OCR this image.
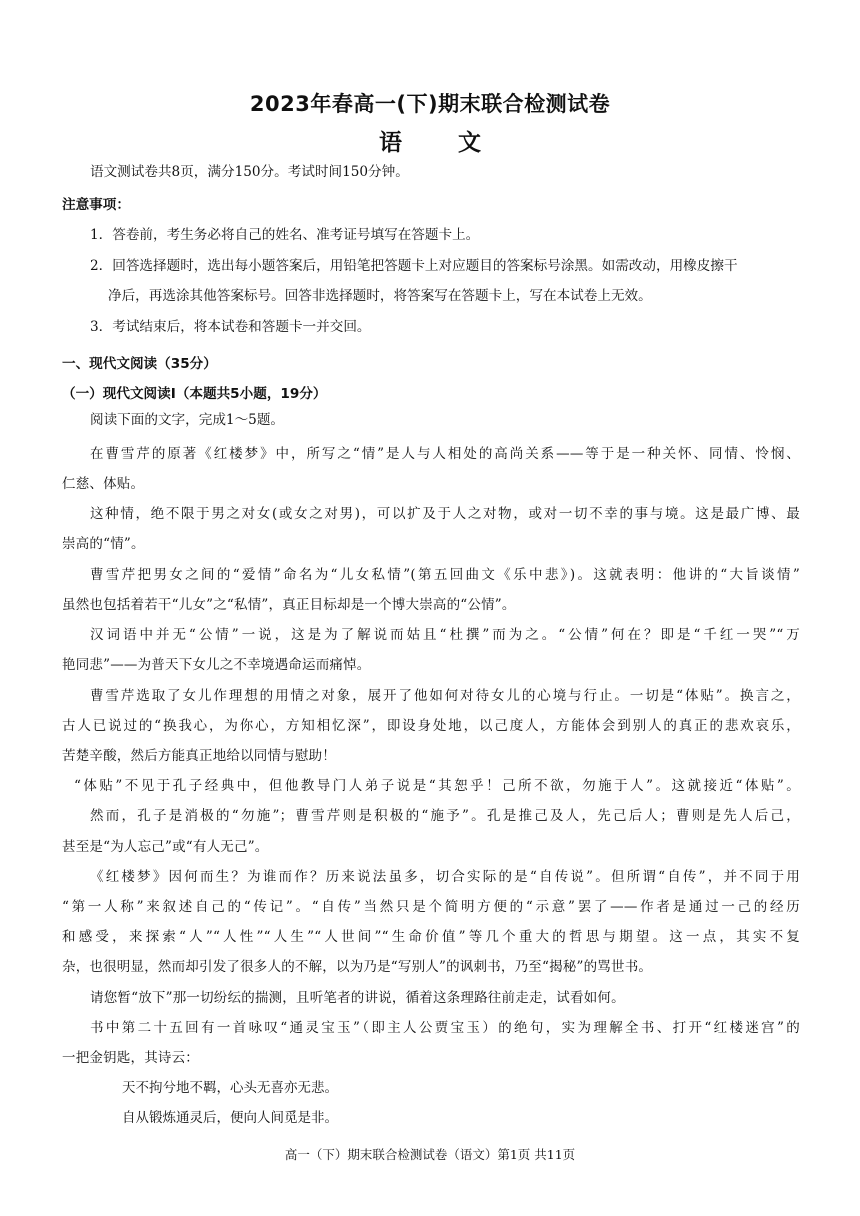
2023年春高一(下)期末联合检测试卷
语 文
语文测试卷共8页，满分150分。考试时间150分钟。
注意事项：
1．答卷前，考生务必将自己的姓名、准考证号填写在答题卡上。
2．回答选择题时，选出每小题答案后，用铅笔把答题卡上对应题目的答案标号涂黑。如需改动，用橡皮擦干
净后，再选涂其他答案标号。回答非选择题时，将答案写在答题卡上，写在本试卷上无效。
3．考试结束后，将本试卷和答题卡一并交回。
一、现代文阅读（35分）
（一）现代文阅读Ⅰ（本题共5小题，19分）
阅读下面的文字，完成1～5题。
在曹雪芹的原著《红楼梦》中，所写之“情”是人与人相处的高尚关系——等于是一种关怀、同情、怜悯、
仁慈、体贴。
这种情，绝不限于男之对女(或女之对男)，可以扩及于人之对物，或对一切不幸的事与境。这是最广博、最
崇高的“情”。
曹雪芹把男女之间的“爱情”命名为“儿女私情”(第五回曲文《乐中悲》)。这就表明：他讲的“大旨谈情”
虽然也包括着若干“儿女”之“私情”，真正目标却是一个博大崇高的“公情”。
汉词语中并无“公情”一说，这是为了解说而姑且“杜撰”而为之。“公情”何在？即是“千红一哭”“万
艳同悲”——为普天下女儿之不幸境遇命运而痛悼。
曹雪芹选取了女儿作理想的用情之对象，展开了他如何对待女儿的心境与行止。一切是“体贴”。换言之，
古人已说过的“换我心，为你心，方知相忆深”，即设身处地，以己度人，方能体会到别人的真正的悲欢哀乐，
苦楚辛酸，然后方能真正地给以同情与慰助！
“体贴”不见于孔子经典中，但他教导门人弟子说是“其恕乎！己所不欲，勿施于人”。这就接近“体贴”。
然而，孔子是消极的“勿施”；曹雪芹则是积极的“施予”。孔是推己及人，先己后人；曹则是先人后己，
甚至是“为人忘己”或“有人无己”。
《红楼梦》因何而生？为谁而作？历来说法虽多，切合实际的是“自传说”。但所谓“自传”，并不同于用
“第一人称”来叙述自己的“传记”。“自传”当然只是个简明方便的“示意”罢了——作者是通过一己的经历
和感受，来探索“人”“人性”“人生”“人世间”“生命价值”等几个重大的哲思与期望。这一点，其实不复
杂，也很明显，然而却引发了很多人的不解，以为乃是“写别人”的讽刺书，乃至“揭秘”的骂世书。
请您暂“放下”那一切纷纭的揣测，且听笔者的讲说，循着这条理路往前走走，试看如何。
书中第二十五回有一首咏叹“通灵宝玉”（即主人公贾宝玉）的绝句，实为理解全书、打开“红楼迷宫”的
一把金钥匙，其诗云：
天不拘兮地不羁，心头无喜亦无悲。
自从锻炼通灵后，便向人间觅是非。
高一（下）期末联合检测试卷（语文）第1页 共11页
